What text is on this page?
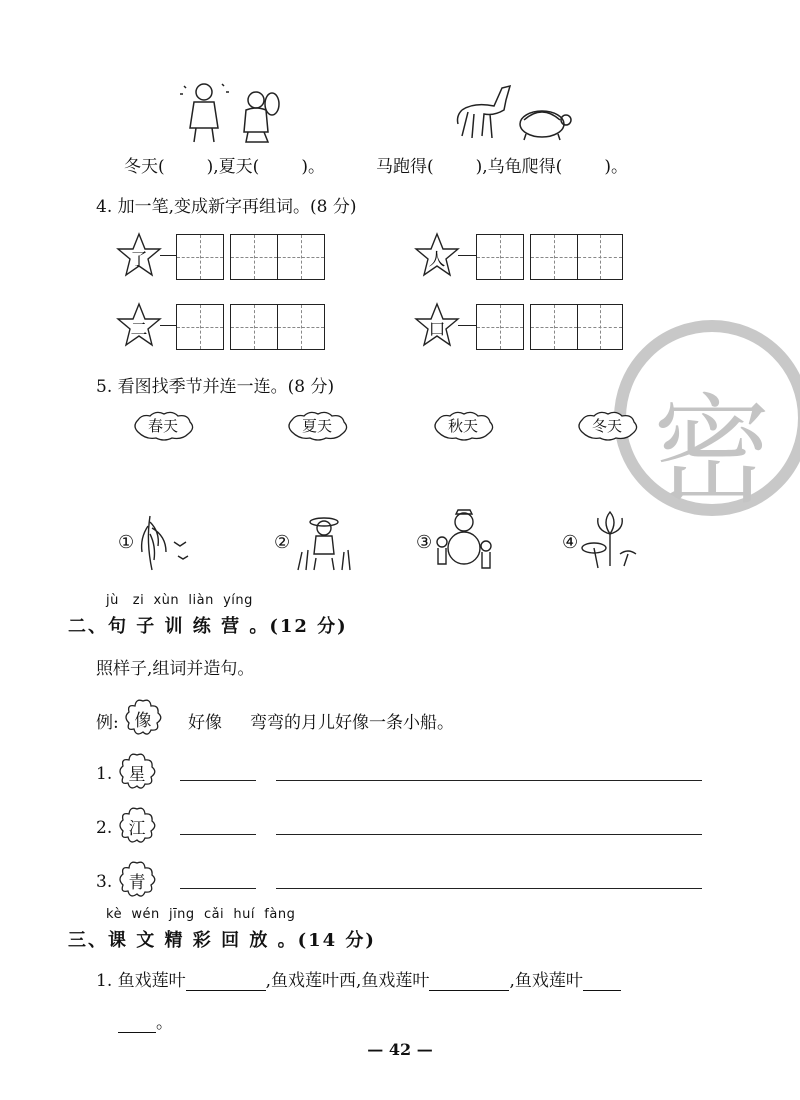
密
冬天( ),夏天( )。	马跑得( ),乌龟爬得( )。
4. 加一笔,变成新字再组词。(8 分)
了	人
二	口
5. 看图找季节并连一连。(8 分)
春天	夏天	秋天	冬天
①	②	③	④
jù   zi  xùn  liàn  yíng
二、句 子 训 练 营 。(12 分)
照样子,组词并造句。
例: 像	好像 弯弯的月儿好像一条小船。
1. 星
2. 江
3. 青
kè  wén  jīng  cǎi  huí  fàng
三、课 文 精 彩 回 放 。(14 分)
1. 鱼戏莲叶	,鱼戏莲叶西,鱼戏莲叶	,鱼戏莲叶
。
— 42 —
